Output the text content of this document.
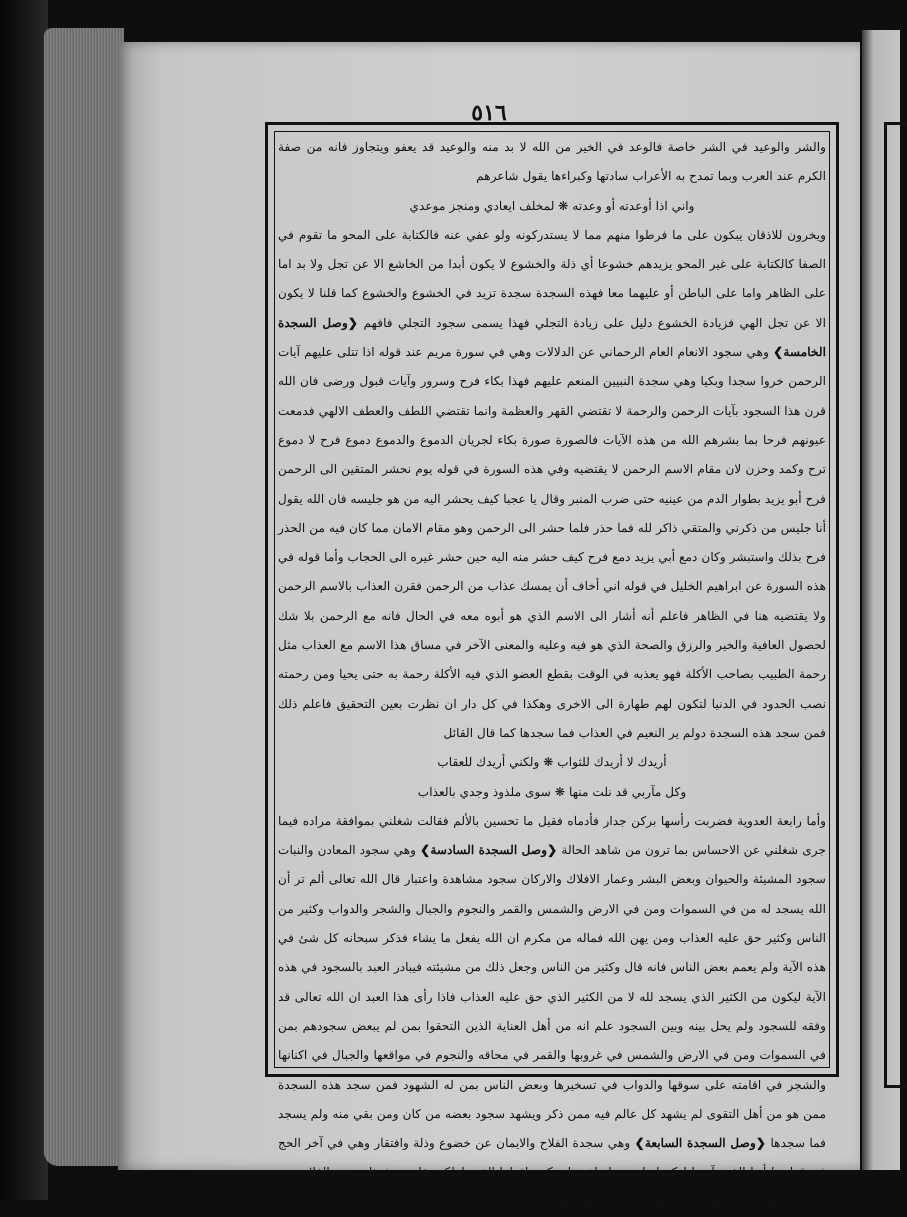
٥١٦

والشر والوعيد في الشر خاصة فالوعد في الخير من الله لا بد منه والوعيد قد يعفو ويتجاوز فانه من صفة الكرم عند العرب وبما تمدح به الأعراب سادتها وكبراءها يقول شاعرهم

واني اذا أوعدته أو وعدته ❋ لمخلف ايعادي ومنجز موعدي

ويخرون للاذقان يبكون على ما فرطوا منهم مما لا يستدركونه ولو عفي عنه فالكتابة على المحو ما تقوم في الصفا كالكتابة على غير المحو يزيدهم خشوعا أي ذلة والخشوع لا يكون أبدا من الخاشع الا عن تجل ولا بد اما على الظاهر واما على الباطن أو عليهما معا فهذه السجدة سجدة تزيد في الخشوع والخشوع كما قلنا لا يكون الا عن تجل الهي فزيادة الخشوع دليل على زيادة التجلي فهذا يسمى سجود التجلي فافهم ❮وصل السجدة الخامسة❯ وهي سجود الانعام العام الرحماني عن الدلالات وهي في سورة مريم عند قوله اذا تتلى عليهم آيات الرحمن خروا سجدا وبكيا وهي سجدة النبيين المنعم عليهم فهذا بكاء فرح وسرور وآيات قبول ورضى فان الله قرن هذا السجود بآيات الرحمن والرحمة لا تقتضي القهر والعظمة وانما تقتضي اللطف والعطف الالهي فدمعت عيونهم فرحا بما بشرهم الله من هذه الآيات فالصورة صورة بكاء لجريان الدموع والدموع دموع فرح لا دموع ترح وكمد وحزن لان مقام الاسم الرحمن لا يقتضيه وفي هذه السورة في قوله يوم نحشر المتقين الى الرحمن فرح أبو يزيد بطوار الدم من عينيه حتى ضرب المنبر وقال يا عجبا كيف يحشر اليه من هو جليسه فان الله يقول أنا جليس من ذكرني والمتقي ذاكر لله فما حذر فلما حشر الى الرحمن وهو مقام الامان مما كان فيه من الحذر فرح بذلك واستبشر وكان دمع أبي يزيد دمع فرح كيف حشر منه اليه حين حشر غيره الى الحجاب وأما قوله في هذه السورة عن ابراهيم الخليل في قوله اني أخاف أن يمسك عذاب من الرحمن فقرن العذاب بالاسم الرحمن ولا يقتضيه هنا في الظاهر فاعلم أنه أشار الى الاسم الذي هو أبوه معه في الحال فانه مع الرحمن بلا شك لحصول العافية والخير والرزق والصحة الذي هو فيه وعليه والمعنى الآخر في مساق هذا الاسم مع العذاب مثل رحمة الطبيب بصاحب الأكلة فهو يعذبه في الوقت بقطع العضو الذي فيه الأكلة رحمة به حتى يحيا ومن رحمته نصب الحدود في الدنيا لتكون لهم طهارة الى الاخرى وهكذا في كل دار ان نظرت بعين التحقيق فاعلم ذلك فمن سجد هذه السجدة دولم ير النعيم في العذاب فما سجدها كما قال القائل

أريدك لا أريدك للثواب ❋ ولكني أريدك للعقاب

وكل مآربي قد نلت منها ❋ سوى ملذوذ وجدي بالعذاب

وأما رابعة العدوية فضربت رأسها بركن جدار فأدماه فقيل ما تحسين بالألم فقالت شغلني بموافقة مراده فيما جرى شغلني عن الاحساس بما ترون من شاهد الحالة ❮وصل السجدة السادسة❯ وهي سجود المعادن والنبات سجود المشيئة والحيوان وبعض البشر وعمار الافلاك والاركان سجود مشاهدة واعتبار قال الله تعالى ألم تر أن الله يسجد له من في السموات ومن في الارض والشمس والقمر والنجوم والجبال والشجر والدواب وكثير من الناس وكثير حق عليه العذاب ومن يهن الله فماله من مكرم ان الله يفعل ما يشاء فذكر سبحانه كل شئ في هذه الآية ولم يعمم بعض الناس فانه قال وكثير من الناس وجعل ذلك من مشيئته فيبادر العبد بالسجود في هذه الآية ليكون من الكثير الذي يسجد لله لا من الكثير الذي حق عليه العذاب فاذا رأى هذا العبد ان الله تعالى قد وفقه للسجود ولم يحل بينه وبين السجود علم انه من أهل العناية الذين التحقوا بمن لم يبعض سجودهم بمن في السموات ومن في الارض والشمس في غروبها والقمر في محاقه والنجوم في مواقعها والجبال في اكنانها والشجر في اقامته على سوقها والدواب في تسخيرها وبعض الناس بمن له الشهود فمن سجد هذه السجدة ممن هو من أهل التقوى لم يشهد كل عالم فيه ممن ذكر ويشهد سجود بعضه من كان ومن بقي منه ولم يسجد فما سجدها ❮وصل السجدة السابعة❯ وهي سجدة الفلاح والايمان عن خضوع وذلة وافتقار وهي في آخر الحج في قوله يا أيها الذين آمنوا اركعوا واسجدوا واعبدوا ربكم وافعلوا الخير لعلكم تفلحون فهذا سجود الفلاح وهو البقاء والفوز والنجاة فكان فعل الخير بمبادرته للسجود عنده ما سمع
